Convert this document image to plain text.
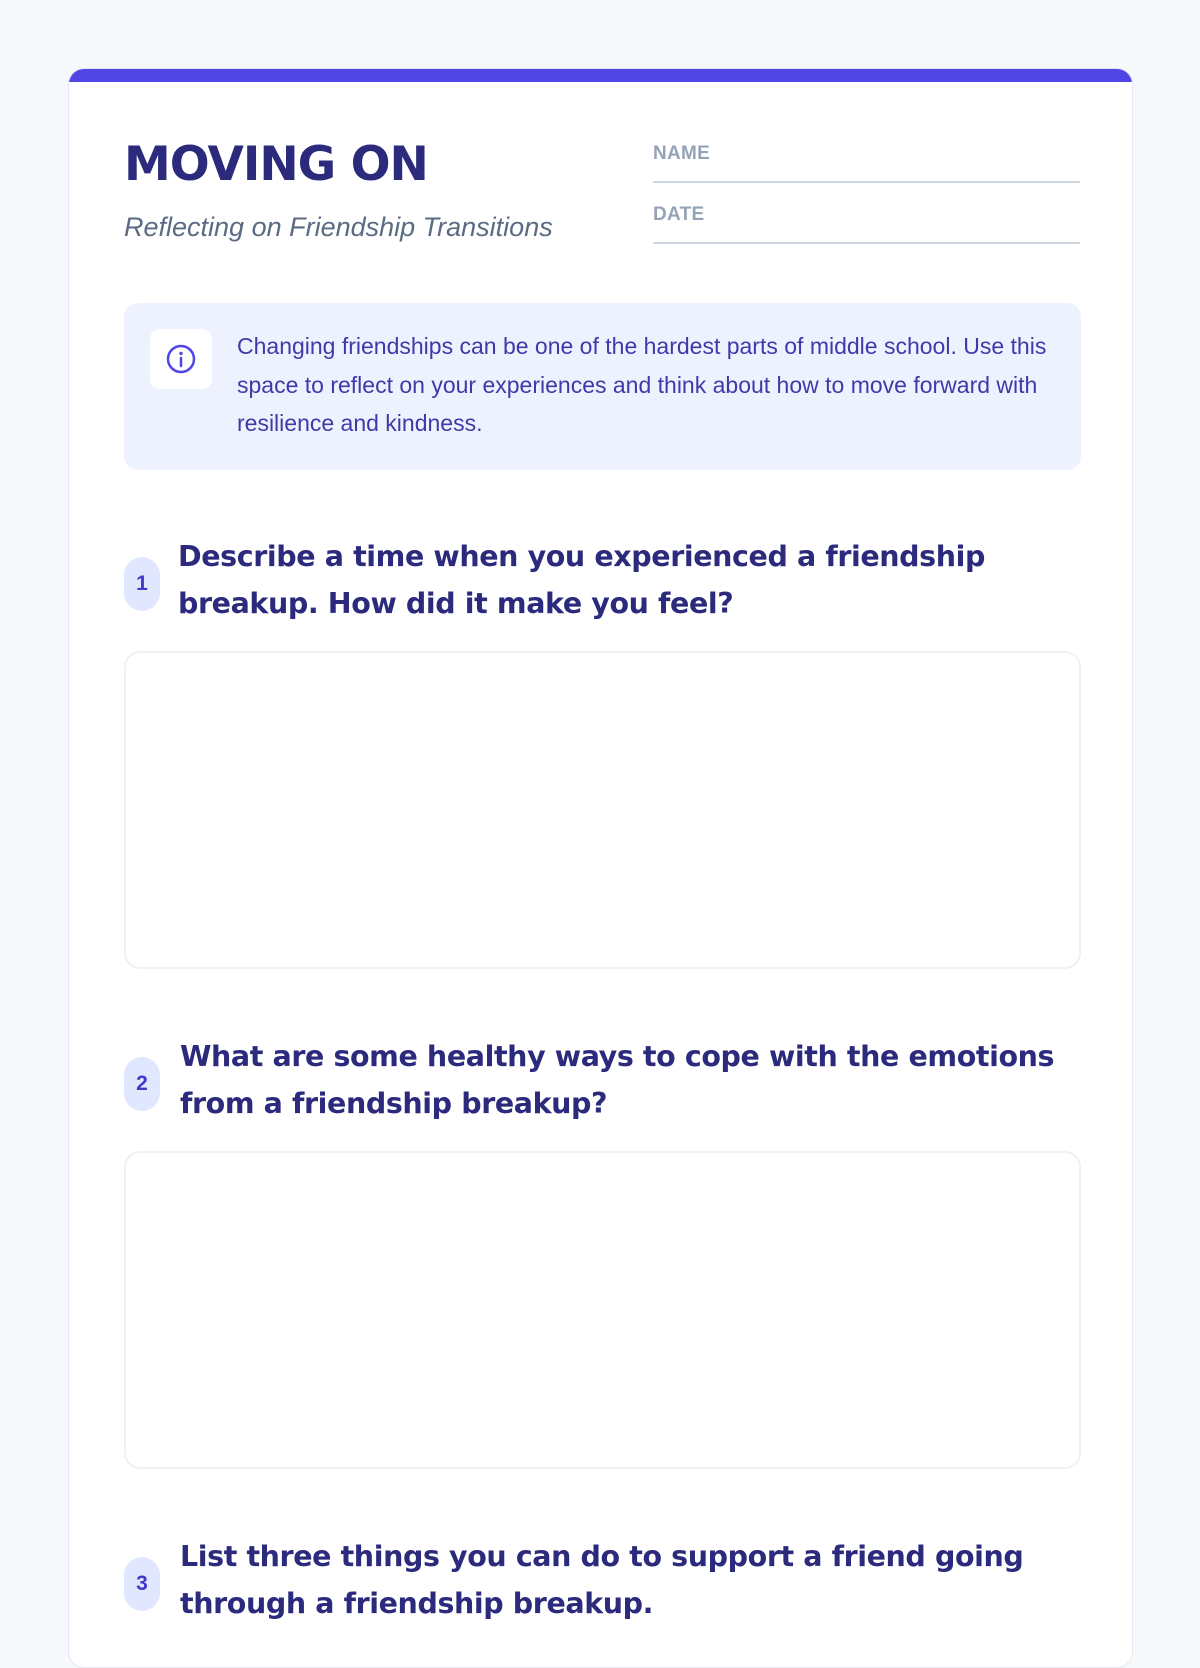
MOVING ON
Reflecting on Friendship Transitions
NAME
DATE

Changing friendships can be one of the hardest parts of middle school. Use this space to reflect on your experiences and think about how to move forward with resilience and kindness.

1
Describe a time when you experienced a friendship breakup. How did it make you feel?
2
What are some healthy ways to cope with the emotions from a friendship breakup?
3
List three things you can do to support a friend going through a friendship breakup.
